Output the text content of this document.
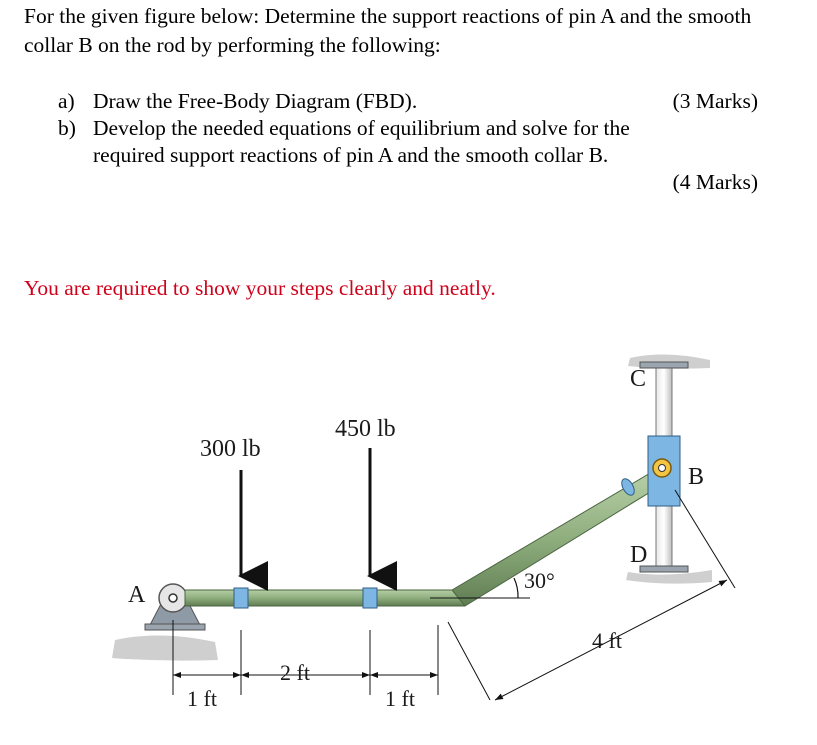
For the given figure below: Determine the support reactions of pin A and the smooth collar B on the rod by performing the following:
a) Draw the Free-Body Diagram (FBD).	(3 Marks)
b) Develop the needed equations of equilibrium and solve for the required support reactions of pin A and the smooth collar B.
(4 Marks)
You are required to show your steps clearly and neatly.
300 lb
450 lb
A
B
C
D
30°
1 ft
2 ft
1 ft
4 ft
